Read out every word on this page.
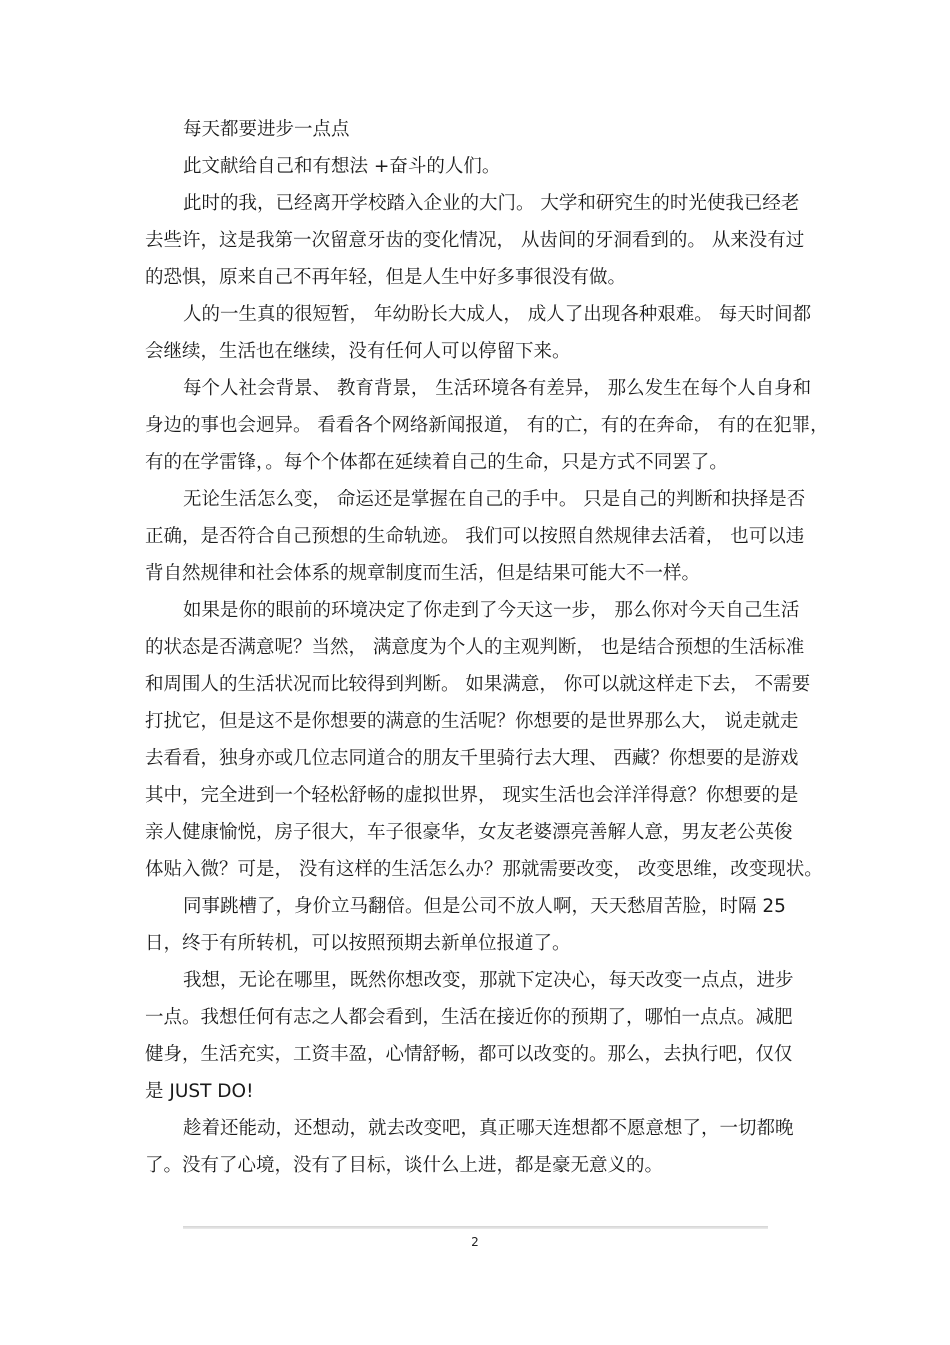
每天都要进步一点点
此文献给自己和有想法 +奋斗的人们。
此时的我，已经离开学校踏入企业的大门。 大学和研究生的时光使我已经老
去些许，这是我第一次留意牙齿的变化情况， 从齿间的牙洞看到的。 从来没有过
的恐惧，原来自己不再年轻，但是人生中好多事很没有做。
人的一生真的很短暂， 年幼盼长大成人， 成人了出现各种艰难。 每天时间都
会继续，生活也在继续，没有任何人可以停留下来。
每个人社会背景、 教育背景， 生活环境各有差异， 那么发生在每个人自身和
身边的事也会迥异。 看看各个网络新闻报道， 有的亡，有的在奔命， 有的在犯罪，
有的在学雷锋，。每个个体都在延续着自己的生命，只是方式不同罢了。
无论生活怎么变， 命运还是掌握在自己的手中。 只是自己的判断和抉择是否
正确，是否符合自己预想的生命轨迹。 我们可以按照自然规律去活着， 也可以违
背自然规律和社会体系的规章制度而生活，但是结果可能大不一样。
如果是你的眼前的环境决定了你走到了今天这一步， 那么你对今天自己生活
的状态是否满意呢？当然， 满意度为个人的主观判断， 也是结合预想的生活标准
和周围人的生活状况而比较得到判断。 如果满意， 你可以就这样走下去， 不需要
打扰它，但是这不是你想要的满意的生活呢？你想要的是世界那么大， 说走就走
去看看，独身亦或几位志同道合的朋友千里骑行去大理、 西藏？你想要的是游戏
其中，完全进到一个轻松舒畅的虚拟世界， 现实生活也会洋洋得意？你想要的是
亲人健康愉悦，房子很大，车子很豪华，女友老婆漂亮善解人意，男友老公英俊
体贴入微？可是， 没有这样的生活怎么办？那就需要改变， 改变思维，改变现状。
同事跳槽了，身价立马翻倍。但是公司不放人啊，天天愁眉苦脸，时隔 25
日，终于有所转机，可以按照预期去新单位报道了。
我想，无论在哪里，既然你想改变，那就下定决心，每天改变一点点，进步
一点。我想任何有志之人都会看到，生活在接近你的预期了，哪怕一点点。减肥
健身，生活充实，工资丰盈，心情舒畅，都可以改变的。那么，去执行吧，仅仅
是 JUST DO!
趁着还能动，还想动，就去改变吧，真正哪天连想都不愿意想了，一切都晚
了。没有了心境，没有了目标，谈什么上进，都是豪无意义的。
2
